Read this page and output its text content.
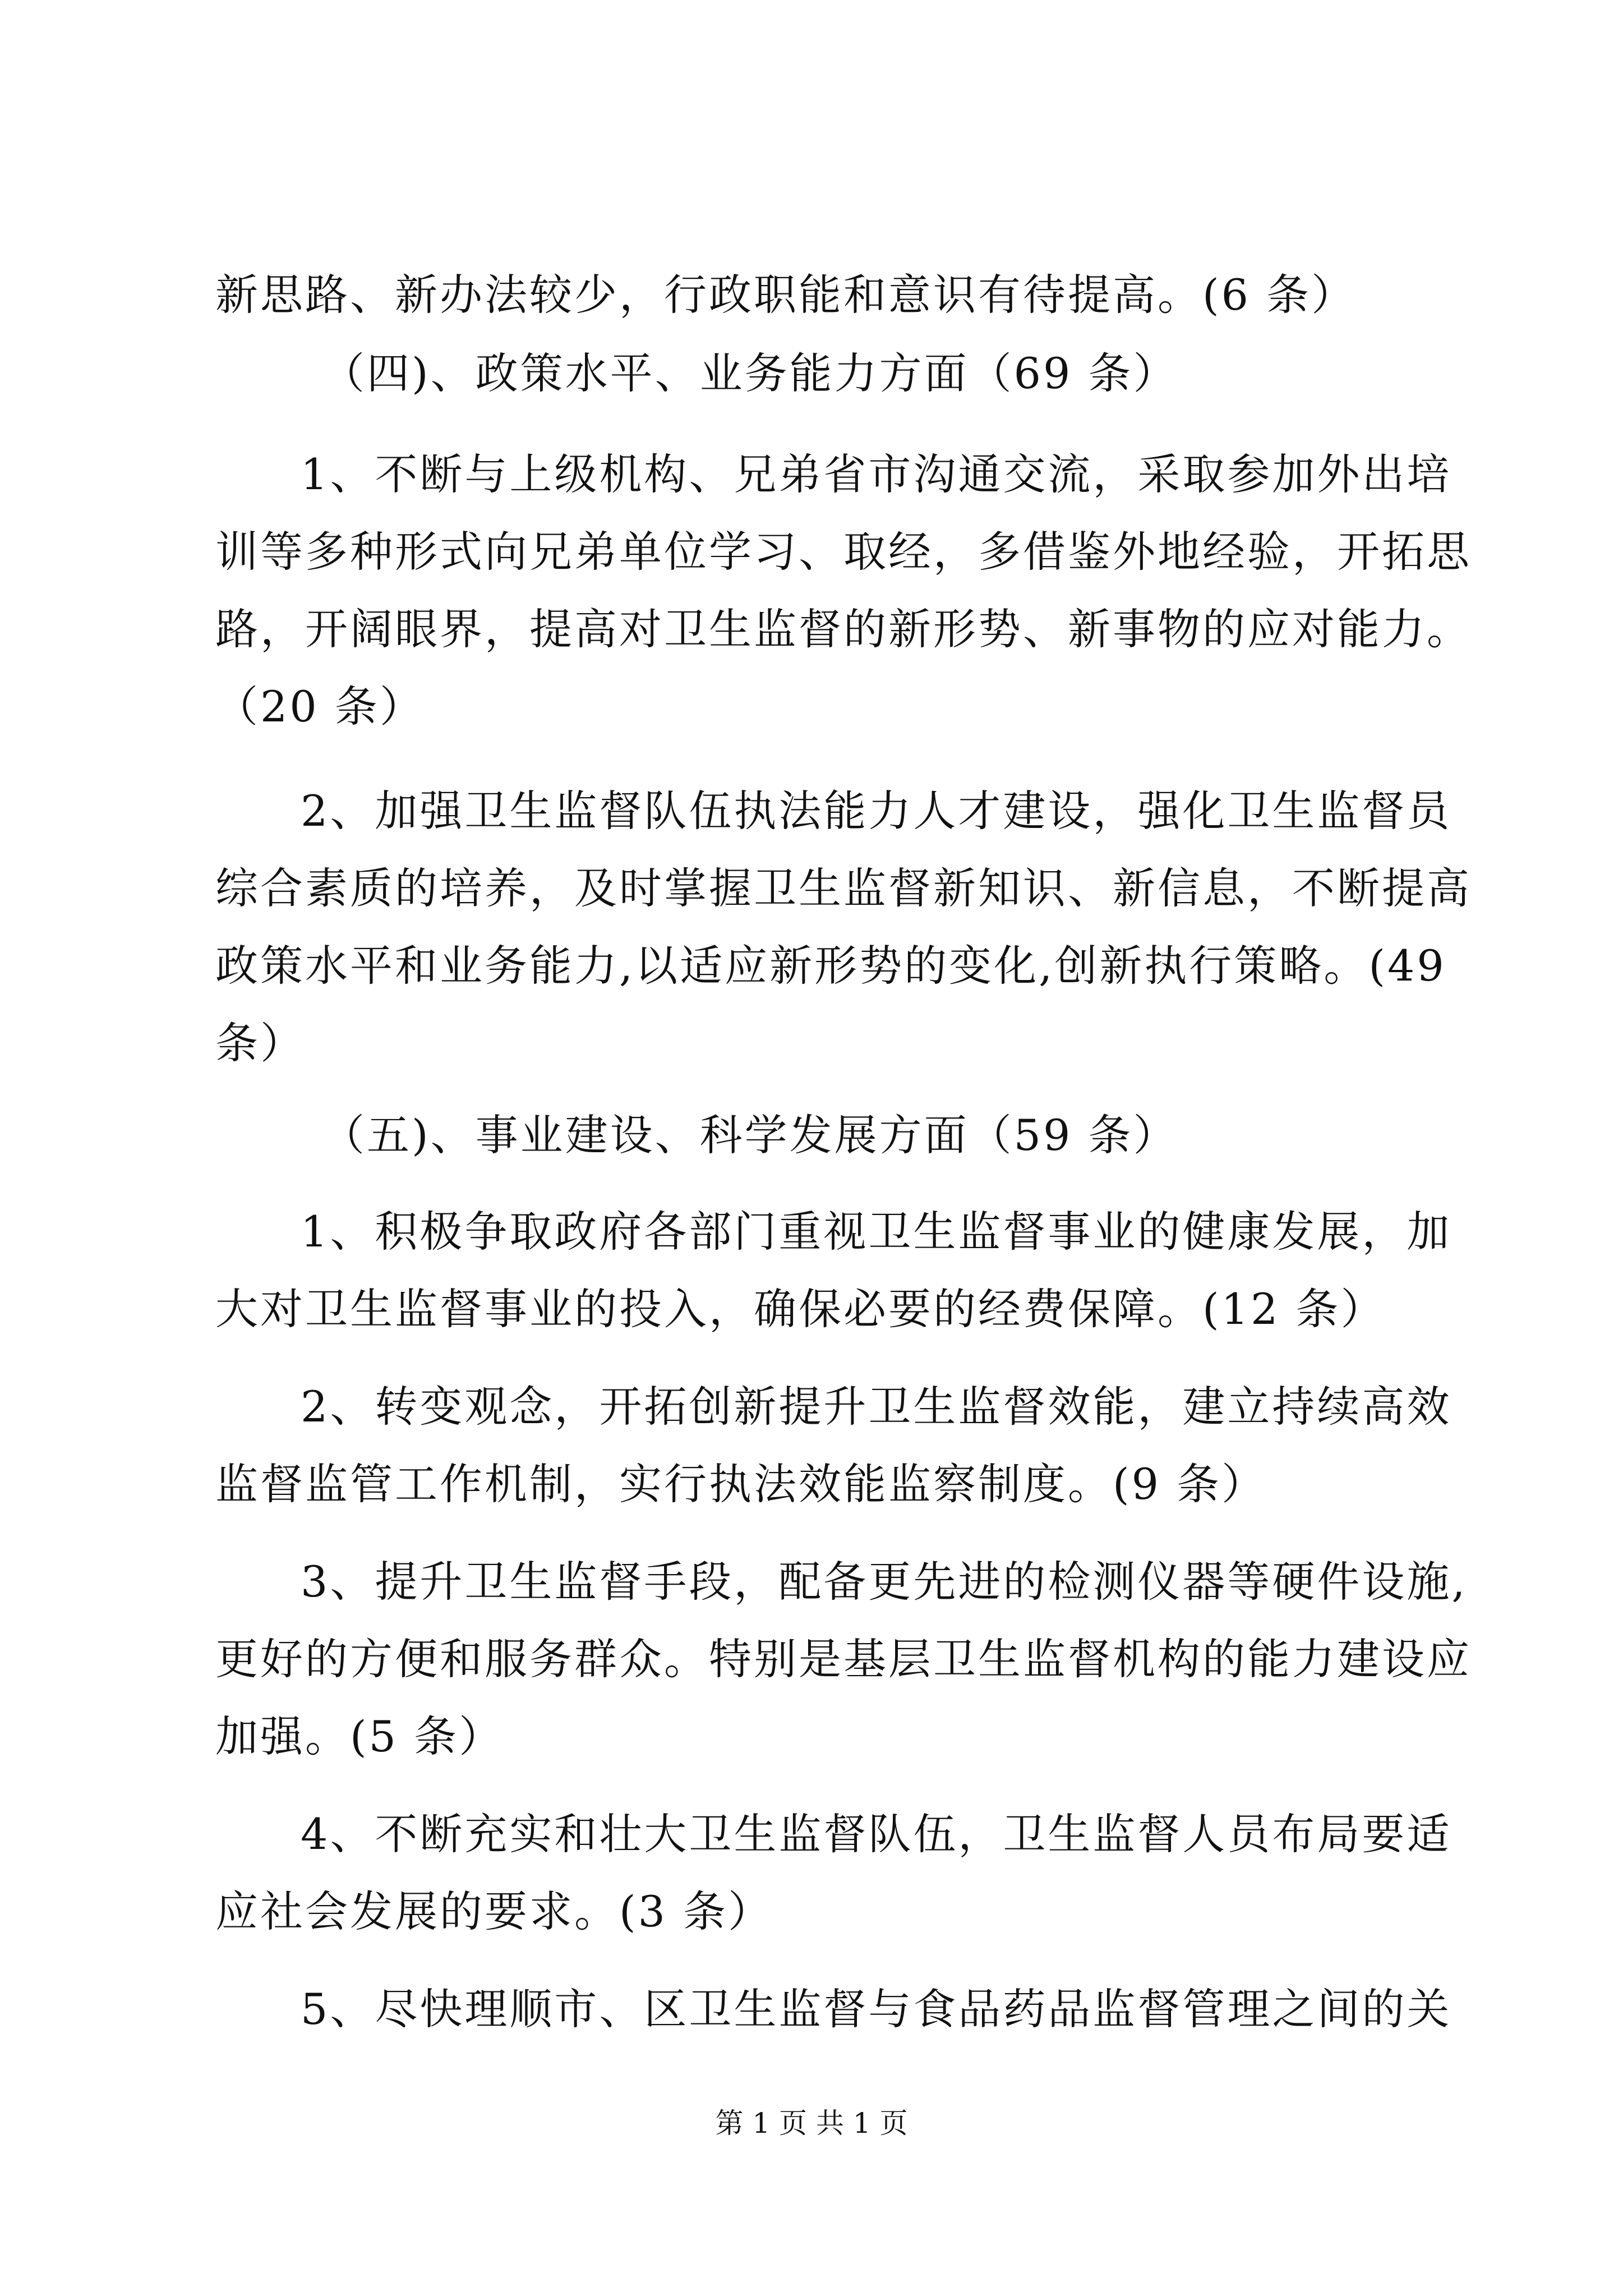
新思路、新办法较少，行政职能和意识有待提高。(6 条）
（四)、政策水平、业务能力方面（69 条）
1、不断与上级机构、兄弟省市沟通交流，采取参加外出培
训等多种形式向兄弟单位学习、取经，多借鉴外地经验，开拓思
路，开阔眼界，提高对卫生监督的新形势、新事物的应对能力。
（20 条）
2、加强卫生监督队伍执法能力人才建设，强化卫生监督员
综合素质的培养，及时掌握卫生监督新知识、新信息，不断提高
政策水平和业务能力,以适应新形势的变化,创新执行策略。(49
条）
（五)、事业建设、科学发展方面（59 条）
1、积极争取政府各部门重视卫生监督事业的健康发展，加
大对卫生监督事业的投入，确保必要的经费保障。(12 条）
2、转变观念，开拓创新提升卫生监督效能，建立持续高效
监督监管工作机制，实行执法效能监察制度。(9 条）
3、提升卫生监督手段，配备更先进的检测仪器等硬件设施,
更好的方便和服务群众。特别是基层卫生监督机构的能力建设应
加强。(5 条）
4、不断充实和壮大卫生监督队伍，卫生监督人员布局要适
应社会发展的要求。(3 条）
5、尽快理顺市、区卫生监督与食品药品监督管理之间的关
第 1 页 共 1 页
